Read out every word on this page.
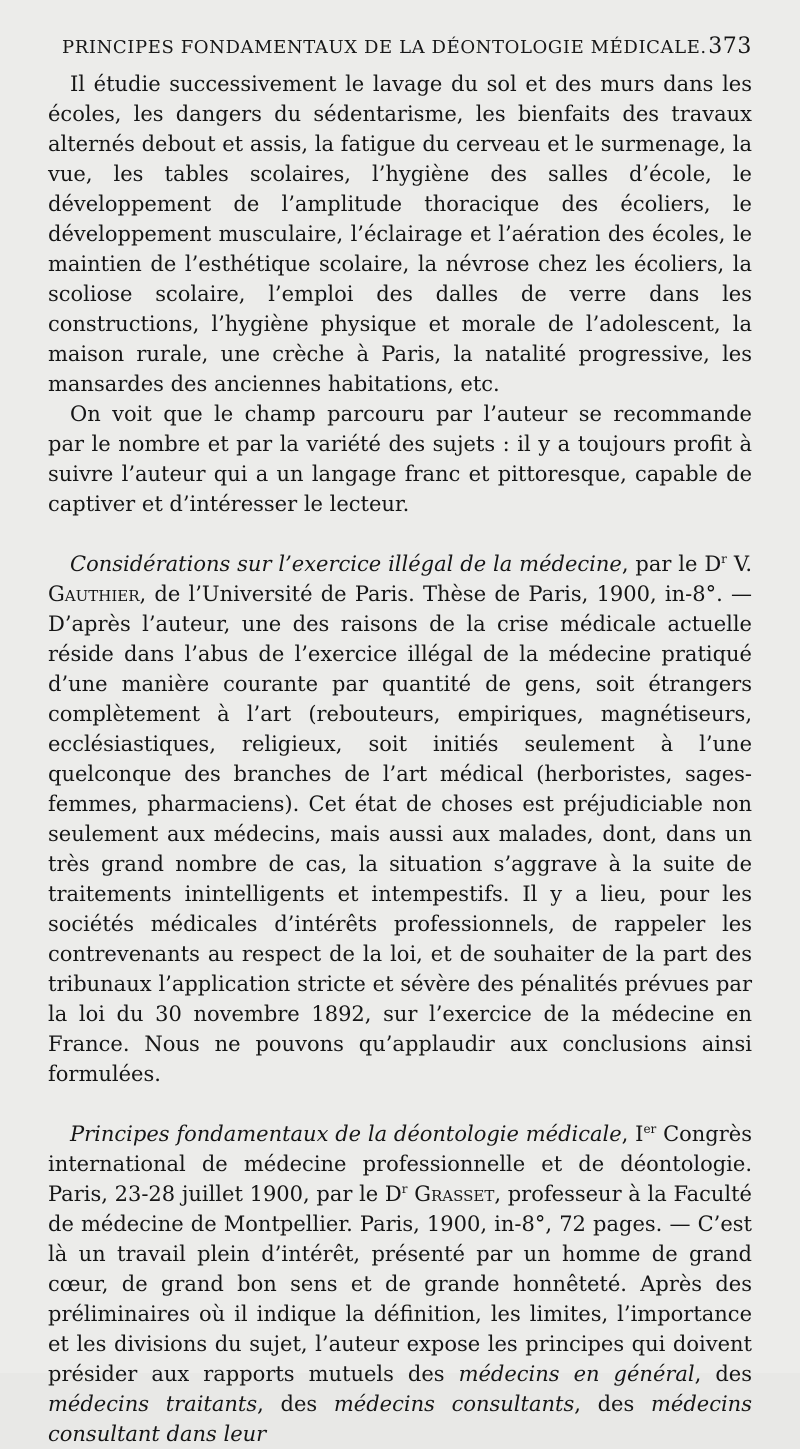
PRINCIPES FONDAMENTAUX DE LA DÉONTOLOGIE MÉDICALE. 373

Il étudie successivement le lavage du sol et des murs dans les écoles, les dangers du sédentarisme, les bienfaits des travaux alternés debout et assis, la fatigue du cerveau et le surmenage, la vue, les tables scolaires, l’hygiène des salles d’école, le développement de l’amplitude thoracique des écoliers, le développement musculaire, l’éclairage et l’aération des écoles, le maintien de l’esthétique scolaire, la névrose chez les écoliers, la scoliose scolaire, l’emploi des dalles de verre dans les constructions, l’hygiène physique et morale de l’adolescent, la maison rurale, une crèche à Paris, la natalité progressive, les mansardes des anciennes habitations, etc.

On voit que le champ parcouru par l’auteur se recommande par le nombre et par la variété des sujets : il y a toujours profit à suivre l’auteur qui a un langage franc et pittoresque, capable de captiver et d’intéresser le lecteur.

Considérations sur l’exercice illégal de la médecine, par le $D^r$ V. Gauthier, de l’Université de Paris. Thèse de Paris, 1900, in-8°. — D’après l’auteur, une des raisons de la crise médicale actuelle réside dans l’abus de l’exercice illégal de la médecine pratiqué d’une manière courante par quantité de gens, soit étrangers complètement à l’art (rebouteurs, empiriques, magnétiseurs, ecclésiastiques, religieux, soit initiés seulement à l’une quelconque des branches de l’art médical (herboristes, sages-femmes, pharmaciens). Cet état de choses est préjudiciable non seulement aux médecins, mais aussi aux malades, dont, dans un très grand nombre de cas, la situation s’aggrave à la suite de traitements inintelligents et intempestifs. Il y a lieu, pour les sociétés médicales d’intérêts professionnels, de rappeler les contrevenants au respect de la loi, et de souhaiter de la part des tribunaux l’application stricte et sévère des pénalités prévues par la loi du 30 novembre 1892, sur l’exercice de la médecine en France. Nous ne pouvons qu’applaudir aux conclusions ainsi formulées.

Principes fondamentaux de la déontologie médicale, Ier Congrès international de médecine professionnelle et de déontologie. Paris, 23-28 juillet 1900, par le $D^r$ Grasset, professeur à la Faculté de médecine de Montpellier. Paris, 1900, in-8°, 72 pages. — C’est là un travail plein d’intérêt, présenté par un homme de grand cœur, de grand bon sens et de grande honnêteté. Après des préliminaires où il indique la définition, les limites, l’importance et les divisions du sujet, l’auteur expose les principes qui doivent présider aux rapports mutuels des médecins en général, des médecins traitants, des médecins consultants, des médecins consultant dans leur
